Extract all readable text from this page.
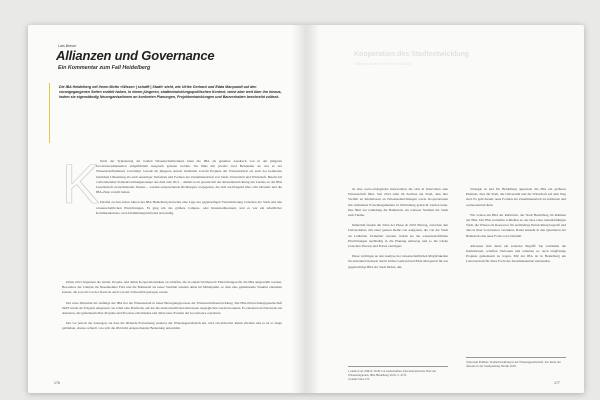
Lars Breuer
Allianzen und Governance
Ein Kommentar zum Fall Heidelberg

Die IBA Heidelberg mit ihrem Motto »Wissen | schafft | Stadt« steht, wie Ulrike Gerhard und Edda Marquardt auf den vorangegangenen Seiten erzählt haben, in einem jüngeren, stadtentwicklungspolitischen Kontext, weist aber weit über ihn hinaus, indem sie eigenständig Neuorganisationen an konkreten Planungen, Projektentwicklungen und Bauvorhaben beschreibt zulässt.

K Nach der Typisierung der beiden Wissenschaftlerinnen kann die IBA als genuiner Ausdruck von in der jüngeren Governancediskussion aufgeführtem Anspruch gelesen werden. Sie führt mit jeweils zwei Beispielen ab, wie es der Wissenschaftsdiskurs vorschlägt. Gerade im jüngeren Ansatz beinhaltet sowohl Projekte der Wissensarbeit als auch der konkreten baulichen Umsetzung als auch neuartiger Verfahren und Formen der Zusammenarbeit von Stadt, Universität und Wirtschaft. Bereits im vorbereitenden Stadtentwicklungskonzept aus dem Jahr 2011 – damals noch gesamt mit der Altstadtentwicklung des Landes, in der IBA Gesellschaft wertschätzende Instanz – wurden entsprechende Richtungen vorgegeben, die sich nachfolgend über acht Ortsteile und die IBA-Ziele verteilt haben.

Parallel zu den ersten Jahren der IBA Heidelberg herrschte eine Lage der gegenseitigen Verunsicherung zwischen der Stadt und den wissenschaftlichen Einrichtungen. Es ging um das größere Campus- oder Innenstadtkonzept, und es war ein erheblicher Kommunikations- und Abstimmungsaufwand notwendig.

Dabei 2013 begannen die Arbeit, Projekt- und damit Kooperationsideen zu schaffen, die in einem Wettbewerb Einreichungen für die IBA ausgewählt werden. Besonders der Campus im Neuenheimer Feld und die Bahnstadt als neuer Stadtteil standen dabei im Mittelpunkt, so dass eine gemeinsame Struktur entstehen konnte, die sowohl von der Stadt als auch von der Universität getragen wurde.

Der erste Jahrzehnt der Anfänge der IBA fiel die Wissensstadt in einen Bewegungsprozess der Wissenschaftsentwicklung. Die IBA-Entwicklungsgesellschaft mbH wurde als Trägerin eingesetzt; sie schuf eine Plattform, auf der die unterschiedlichen Interessen ausgeglichen werden konnten. Es entstand ein Netzwerk aus Akteuren, die gemeinsam über Projekte und Prozesse entschieden und dabei neue Formen der Governance erprobten.

Der vor jedoch der Aussagen, sie dass die bildende Fortsetzung weiteres der Wissensgesellschaft ein, wird ein kritischer Raum erhalten und es ist so lange geblieben, ebenso schnell, was sich die 2024 mit entsprechender Bedeutung unterstützt.

176
Kooperation des Stadtentwicklung
Wissenschaft und Stadt im Dialog

ist eine sozio-strategische Intervention die sich in Intervallen eine Wissenschaft fährt. Seit 2014 steht im Zeichen der Stadt, dass ihre Vielfalt an Reallaboren an Wissenseinrichtungen sowie Kooperationen mit stadtnahen Forschungsthemen in Verbindung gebracht werden kann. Das führt zur Gründung der Bahnstadt, ein weiterer Stadtteil der Stadt zum Thema.

Immerhin fanden die Jahre der Phase ab 2010 Eintrag, zwischen den Universitäten, mit einer ganzen Reihe von Aufgaben, die von der Stadt als Leitbilder formuliert wurden, indem sie die wissenschaftlichen Einrichtungen nachhaltig in die Planung einbezog und so die Lücke zwischen Theorie und Praxis verringert.

Diese wichtigen an den Analyse der wissenschaftlichen Möglichkeiten im abstrakten Kontext durch Ulrike Gerhard und Edda Marquardt für das gegenwärtige Bild der Stadt bilden, um.

1) siehe Carl Zillich: Wohl von stadtschaften. Das internationale Netz der Wissensregionen, IBA Heidelberg 2019, S. 45 ff.
2) siehe Seite 152

Strategie in und für Heidelberg agierende die IBA ein größeres Element, dass die Stadt, die Universität und die Wirtschaft auf dem Weg sind. Es geht darum, neue Formen der Zusammenarbeit zu etablieren und weiterzuentwickeln.

Wir wollen ein Bild der Reflexion, der Stadt Heidelberg im Rahmen der IBA. Der IBA weiterhin schließen zu der Idee einer zukunftsfähigen Stadt, die Wissen als Ressource für nachhaltige Entwicklung begreift und dies in ihrer Governance verankert. Dabei entsteht in den Quartieren der Bahnstadt eine neue Form von Urbanität.

Allianzen sind dabei ein zentraler Begriff: Sie verbinden die Institutionen, schaffen Vertrauen und erlauben es, auch langfristige Projekte gemeinsam zu tragen. Mit der IBA ist in Heidelberg ein Laboratorium für diese Form der Zusammenarbeit entstanden.

3) Kerstin Pallmer: Stadtentwicklung in der Wissensgesellschaft. Zur Rolle der Akteure in der Stadtplanung. Berlin 2018.
177
